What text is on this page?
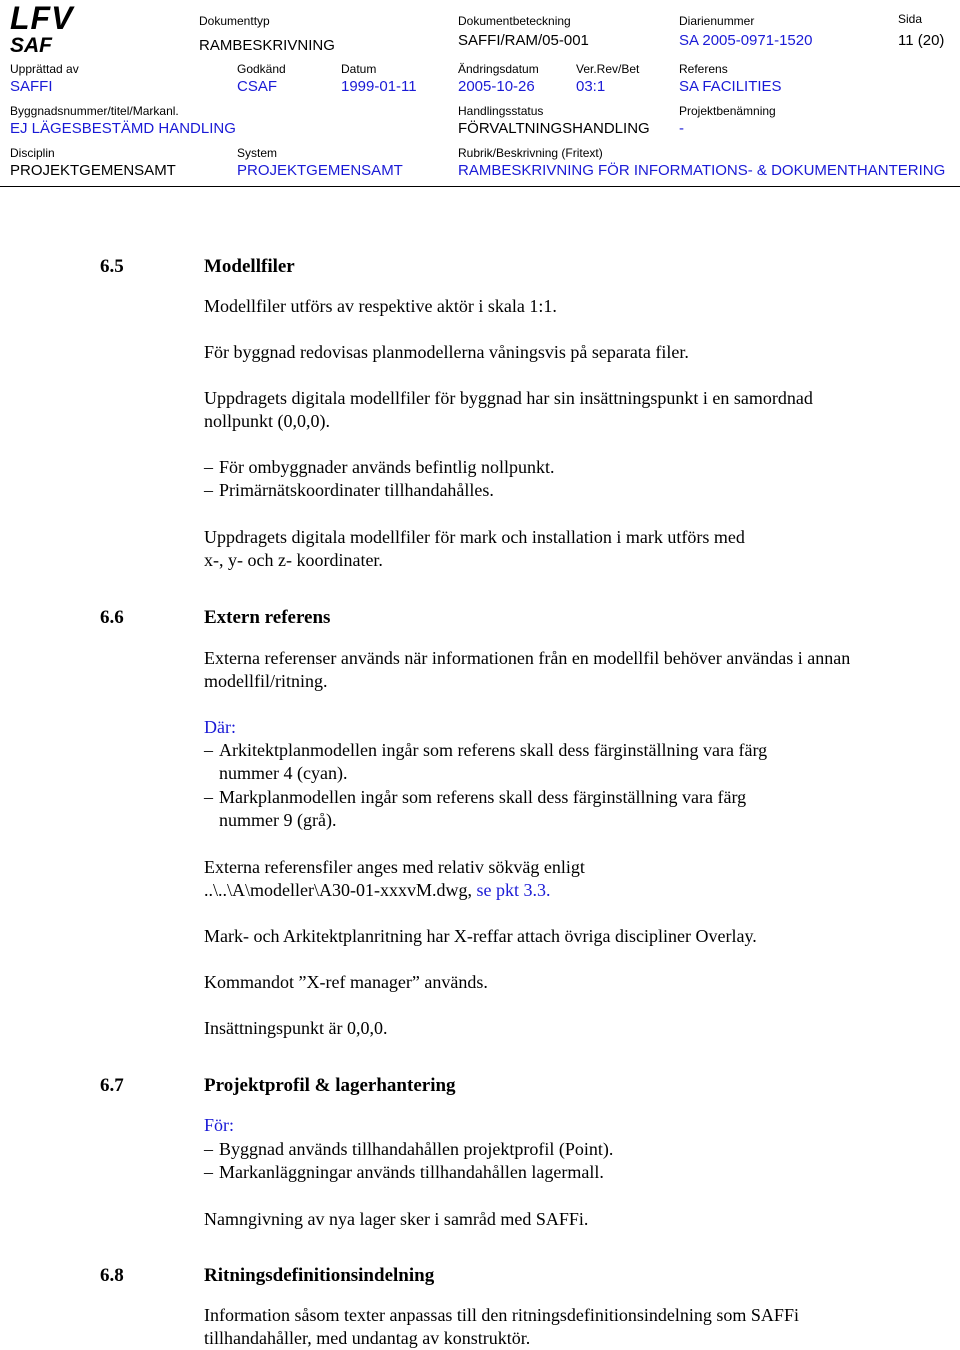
LFV
SAF
Dokumenttyp
RAMBESKRIVNING
Dokumentbeteckning
SAFFI/RAM/05-001
Diarienummer
SA 2005-0971-1520
Sida
11 (20)
Upprättad av
SAFFI
Godkänd
CSAF
Datum
1999-01-11
Ändringsdatum
2005-10-26
Ver.Rev/Bet
03:1
Referens
SA FACILITIES
Byggnadsnummer/titel/Markanl.
EJ LÄGESBESTÄMD HANDLING
Handlingsstatus
FÖRVALTNINGSHANDLING
Projektbenämning
-
Disciplin
PROJEKTGEMENSAMT
System
PROJEKTGEMENSAMT
Rubrik/Beskrivning (Fritext)
RAMBESKRIVNING FÖR INFORMATIONS- & DOKUMENTHANTERING
6.5	Modellfiler
Modellfiler utförs av respektive aktör i skala 1:1.
För byggnad redovisas planmodellerna våningsvis på separata filer.
Uppdragets digitala modellfiler för byggnad har sin insättningspunkt i en samordnad
nollpunkt (0,0,0).
– För ombyggnader används befintlig nollpunkt.
– Primärnätskoordinater tillhandahålles.
Uppdragets digitala modellfiler för mark och installation i mark utförs med
x-, y- och z- koordinater.
6.6	Extern referens
Externa referenser används när informationen från en modellfil behöver användas i annan
modellfil/ritning.
Där:
– Arkitektplanmodellen ingår som referens skall dess färginställning vara färg
nummer 4 (cyan).
– Markplanmodellen ingår som referens skall dess färginställning vara färg
nummer 9 (grå).
Externa referensfiler anges med relativ sökväg enligt
..\..\A\modeller\A30-01-xxxvM.dwg, se pkt 3.3.
Mark- och Arkitektplanritning har X-reffar attach övriga discipliner Overlay.
Kommandot ”X-ref manager” används.
Insättningspunkt är 0,0,0.
6.7	Projektprofil & lagerhantering
För:
– Byggnad används tillhandahållen projektprofil (Point).
– Markanläggningar används tillhandahållen lagermall.
Namngivning av nya lager sker i samråd med SAFFi.
6.8	Ritningsdefinitionsindelning
Information såsom texter anpassas till den ritningsdefinitionsindelning som SAFFi
tillhandahåller, med undantag av konstruktör.
